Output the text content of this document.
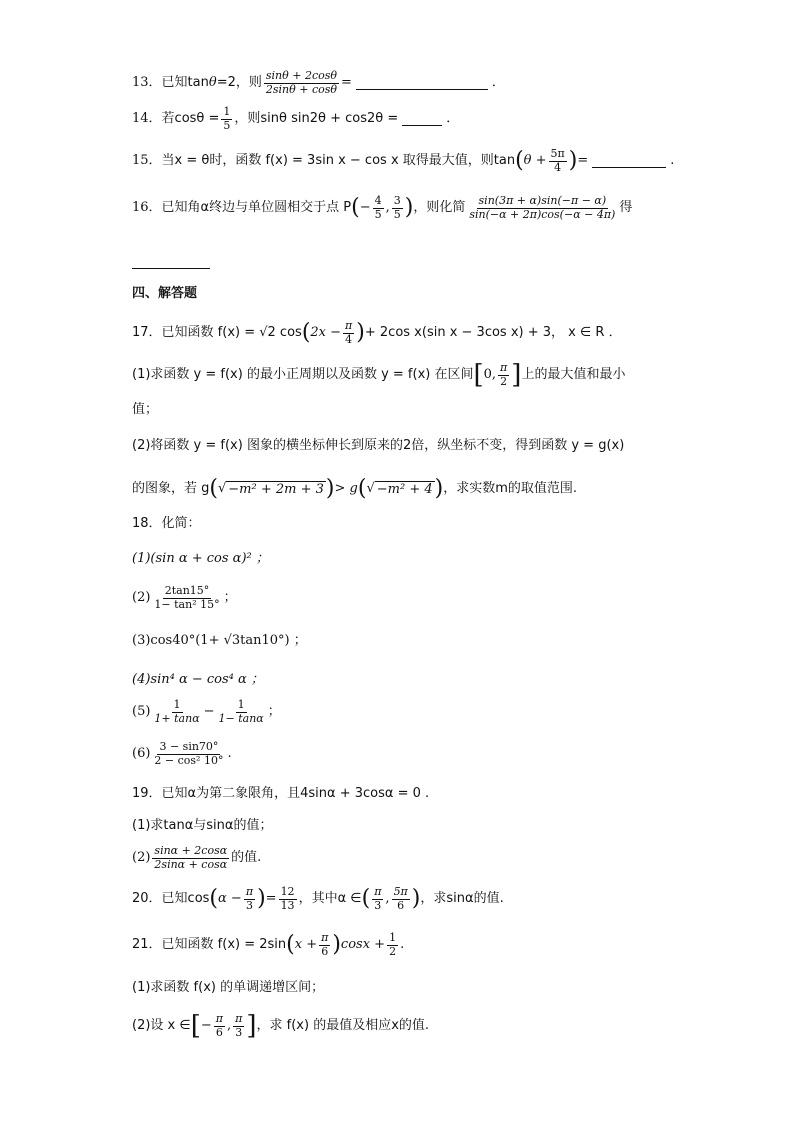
13 ．已知tan θ =2，则 $\frac{\sin\theta + 2\cos\theta}{2\sin\theta + \cos\theta}$ =	．
14 ．若$\cos\theta = \frac{1}{5}$ ，则sinθ sin2θ + cos2θ =	．
15 ．当x = θ时，函数 f(x) = 3sin x − cos x 取得最大值，则tan ( $\theta + \frac{5\pi}{4}$ ) =	.
16 ．已知角α终边与单位圆相交于点 P ( − $\frac{4}{5}$ , $\frac{3}{5}$ ) ，则化简 $\frac{\sin(3\pi + \alpha)\sin(-\pi - \alpha)}{\sin(-\alpha + 2\pi)\cos(-\alpha - 4\pi)}$ 得
四、解答题
17．已知函数 f(x) = √2 cos ( $2x - \frac{\pi}{4}$ ) + 2cos x(sin x − 3cos x) + 3， x ∈ R ．
(1)求函数 y = f(x) 的最小正周期以及函数 y = f(x) 在区间 [ 0, $\frac{\pi}{2}$ ] 上的最大值和最小
值；
(2)将函数 y = f(x) 图象的横坐标伸长到原来的2倍，纵坐标不变，得到函数 y = g(x)
的图象，若 g ( √ −m² + 2m + 3 ) > g ( √ −m² + 4 ) ，求实数m的取值范围.
18．化简：
(1)(sin α + cos α)² ；
$(2) \frac{2\tan 15^\circ}{\text{1− tan² 15°}}$ ；
(3)cos40°(1+ √3tan10°) ；
(4)sin⁴ α − cos⁴ α ；
$(5) \frac{1}{1+ \tan\alpha} - \frac{1}{1- \tan\alpha}$ ；
$(6) \frac{3 - \sin 70^\circ}{\text{2 − cos² 10°}}$ .
19．已知α为第二象限角，且4sinα + 3cosα = 0 .
(1)求tanα与sinα的值；
$(2) \frac{\sin\alpha + 2\cos\alpha}{2\sin\alpha + \cos\alpha}$ 的值.
20．已知cos ( $\alpha - \frac{\pi}{3}$ ) = $\frac{12}{13}$ ，其中α ∈ ( $\frac{\pi}{3}$ , $\frac{5\pi}{6}$ ) ，求sinα的值.
21．已知函数 f(x) = 2sin ( $x + \frac{\pi}{6}$ ) $\cos x + \frac{1}{2}$ .
(1)求函数 f(x) 的单调递增区间；
(2)设 x ∈ [ − $\frac{\pi}{6}$ , $\frac{\pi}{3}$ ] ，求 f(x) 的最值及相应x的值.
